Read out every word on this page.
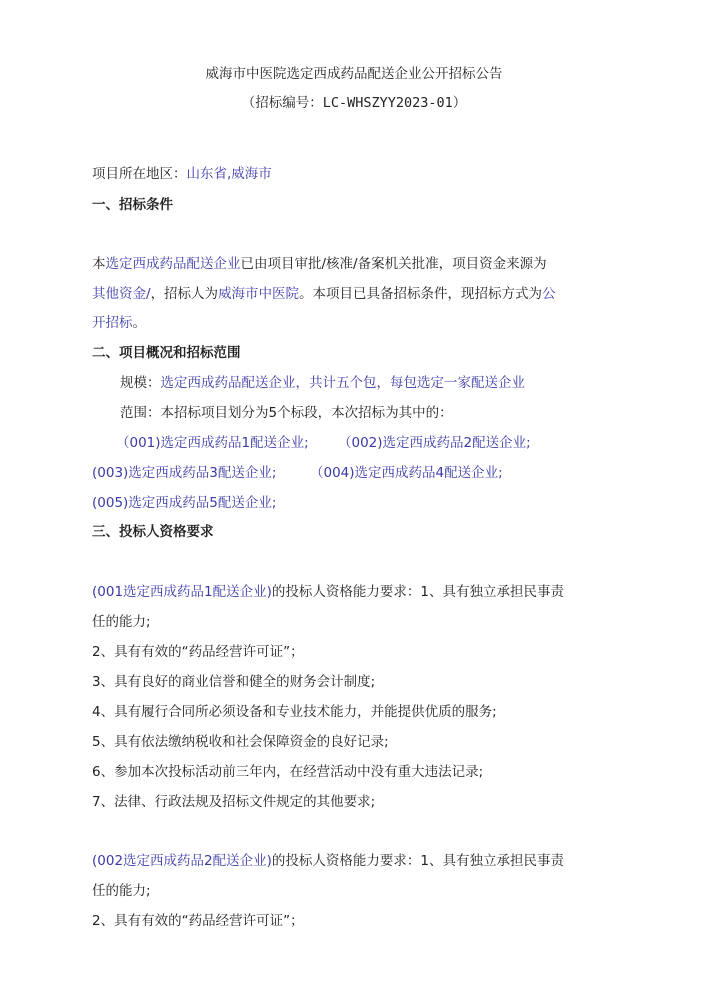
威海市中医院选定西成药品配送企业公开招标公告
（招标编号：LC-WHSZYY2023-01）
项目所在地区：山东省,威海市
一、招标条件
本选定西成药品配送企业已由项目审批/核准/备案机关批准，项目资金来源为
其他资金/，招标人为威海市中医院。本项目已具备招标条件，现招标方式为公
开招标。
二、项目概况和招标范围
规模：选定西成药品配送企业，共计五个包，每包选定一家配送企业
范围：本招标项目划分为5个标段，本次招标为其中的：
（001)选定西成药品1配送企业; （002)选定西成药品2配送企业;
(003)选定西成药品3配送企业; （004)选定西成药品4配送企业;
(005)选定西成药品5配送企业;
三、投标人资格要求
(001选定西成药品1配送企业)的投标人资格能力要求：1、具有独立承担民事责
任的能力;
2、具有有效的“药品经营许可证”；
3、具有良好的商业信誉和健全的财务会计制度;
4、具有履行合同所必须设备和专业技术能力，并能提供优质的服务;
5、具有依法缴纳税收和社会保障资金的良好记录;
6、参加本次投标活动前三年内，在经营活动中没有重大违法记录;
7、法律、行政法规及招标文件规定的其他要求;
(002选定西成药品2配送企业)的投标人资格能力要求：1、具有独立承担民事责
任的能力;
2、具有有效的“药品经营许可证”；
